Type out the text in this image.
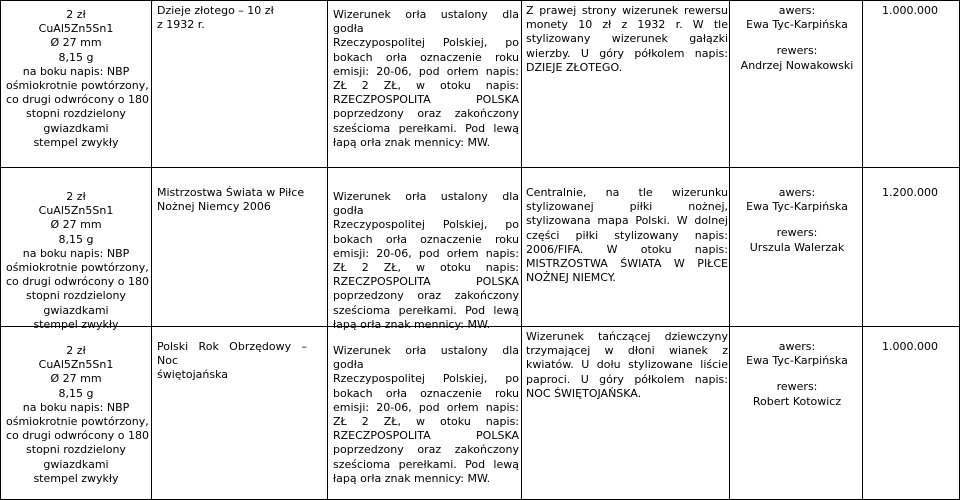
2 zł
CuAl5Zn5Sn1
Ø 27 mm
8,15 g
na boku napis: NBP
ośmiokrotnie powtórzony,
co drugi odwrócony o 180
stopni rozdzielony
gwiazdkami
stempel zwykły
Dzieje złotego – 10 zł
z 1932 r.
Wizerunek orła ustalony dla godła
Rzeczypospolitej Polskiej, po
bokach orła oznaczenie roku
emisji: 20-06, pod orłem napis:
ZŁ 2 ZŁ, w otoku napis:
RZECZPOSPOLITA POLSKA
poprzedzony oraz zakończony
sześcioma perełkami. Pod lewą
łapą orła znak mennicy: MW.
Z prawej strony wizerunek rewersu
monety 10 zł z 1932 r. W tle
stylizowany wizerunek gałązki
wierzby. U góry półkolem napis:
DZIEJE ZŁOTEGO.
awers:
Ewa Tyc-Karpińska
rewers:
Andrzej Nowakowski
1.000.000
2 zł
CuAl5Zn5Sn1
Ø 27 mm
8,15 g
na boku napis: NBP
ośmiokrotnie powtórzony,
co drugi odwrócony o 180
stopni rozdzielony
gwiazdkami
stempel zwykły
Mistrzostwa Świata w Piłce
Nożnej Niemcy 2006
Wizerunek orła ustalony dla godła
Rzeczypospolitej Polskiej, po
bokach orła oznaczenie roku
emisji: 20-06, pod orłem napis:
ZŁ 2 ZŁ, w otoku napis:
RZECZPOSPOLITA POLSKA
poprzedzony oraz zakończony
sześcioma perełkami. Pod lewą
łapą orła znak mennicy: MW.
Centralnie, na tle wizerunku
stylizowanej piłki nożnej,
stylizowana mapa Polski. W dolnej
części piłki stylizowany napis:
2006/FIFA. W otoku napis:
MISTRZOSTWA ŚWIATA W PIŁCE
NOŻNEJ NIEMCY.
awers:
Ewa Tyc-Karpińska
rewers:
Urszula Walerzak
1.200.000
2 zł
CuAl5Zn5Sn1
Ø 27 mm
8,15 g
na boku napis: NBP
ośmiokrotnie powtórzony,
co drugi odwrócony o 180
stopni rozdzielony
gwiazdkami
stempel zwykły
Polski Rok Obrzędowy – Noc
świętojańska
Wizerunek orła ustalony dla godła
Rzeczypospolitej Polskiej, po
bokach orła oznaczenie roku
emisji: 20-06, pod orłem napis:
ZŁ 2 ZŁ, w otoku napis:
RZECZPOSPOLITA POLSKA
poprzedzony oraz zakończony
sześcioma perełkami. Pod lewą
łapą orła znak mennicy: MW.
Wizerunek tańczącej dziewczyny
trzymającej w dłoni wianek z
kwiatów. U dołu stylizowane liście
paproci. U góry półkolem napis:
NOC ŚWIĘTOJAŃSKA.
awers:
Ewa Tyc-Karpińska
rewers:
Robert Kotowicz
1.000.000
